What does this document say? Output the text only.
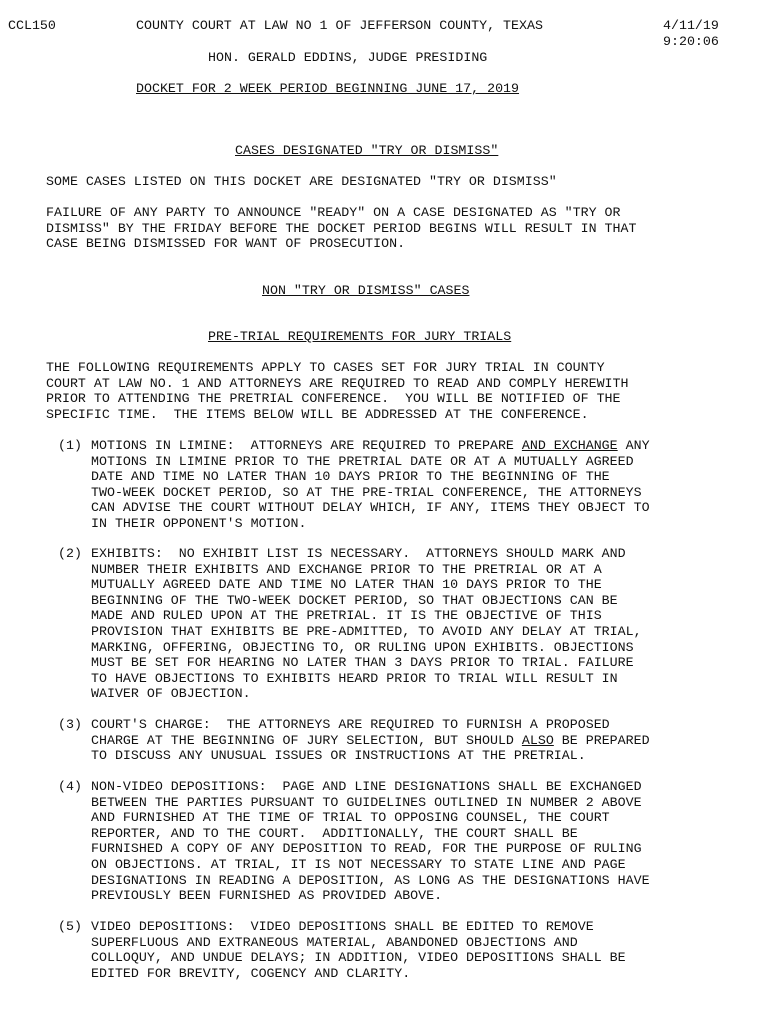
CCL150	COUNTY COURT AT LAW NO 1 OF JEFFERSON COUNTY, TEXAS	4/11/19
9:20:06
HON. GERALD EDDINS, JUDGE PRESIDING
DOCKET FOR 2 WEEK PERIOD BEGINNING JUNE 17, 2019
CASES DESIGNATED "TRY OR DISMISS"
SOME CASES LISTED ON THIS DOCKET ARE DESIGNATED "TRY OR DISMISS"
FAILURE OF ANY PARTY TO ANNOUNCE "READY" ON A CASE DESIGNATED AS "TRY OR
DISMISS" BY THE FRIDAY BEFORE THE DOCKET PERIOD BEGINS WILL RESULT IN THAT
CASE BEING DISMISSED FOR WANT OF PROSECUTION.
NON "TRY OR DISMISS" CASES
PRE-TRIAL REQUIREMENTS FOR JURY TRIALS
THE FOLLOWING REQUIREMENTS APPLY TO CASES SET FOR JURY TRIAL IN COUNTY
COURT AT LAW NO. 1 AND ATTORNEYS ARE REQUIRED TO READ AND COMPLY HEREWITH
PRIOR TO ATTENDING THE PRETRIAL CONFERENCE.  YOU WILL BE NOTIFIED OF THE
SPECIFIC TIME.  THE ITEMS BELOW WILL BE ADDRESSED AT THE CONFERENCE.
(1) MOTIONS IN LIMINE:  ATTORNEYS ARE REQUIRED TO PREPARE AND EXCHANGE ANY
MOTIONS IN LIMINE PRIOR TO THE PRETRIAL DATE OR AT A MUTUALLY AGREED
DATE AND TIME NO LATER THAN 10 DAYS PRIOR TO THE BEGINNING OF THE
TWO-WEEK DOCKET PERIOD, SO AT THE PRE-TRIAL CONFERENCE, THE ATTORNEYS
CAN ADVISE THE COURT WITHOUT DELAY WHICH, IF ANY, ITEMS THEY OBJECT TO
IN THEIR OPPONENT'S MOTION.
(2) EXHIBITS:  NO EXHIBIT LIST IS NECESSARY.  ATTORNEYS SHOULD MARK AND
NUMBER THEIR EXHIBITS AND EXCHANGE PRIOR TO THE PRETRIAL OR AT A
MUTUALLY AGREED DATE AND TIME NO LATER THAN 10 DAYS PRIOR TO THE
BEGINNING OF THE TWO-WEEK DOCKET PERIOD, SO THAT OBJECTIONS CAN BE
MADE AND RULED UPON AT THE PRETRIAL. IT IS THE OBJECTIVE OF THIS
PROVISION THAT EXHIBITS BE PRE-ADMITTED, TO AVOID ANY DELAY AT TRIAL,
MARKING, OFFERING, OBJECTING TO, OR RULING UPON EXHIBITS. OBJECTIONS
MUST BE SET FOR HEARING NO LATER THAN 3 DAYS PRIOR TO TRIAL. FAILURE
TO HAVE OBJECTIONS TO EXHIBITS HEARD PRIOR TO TRIAL WILL RESULT IN
WAIVER OF OBJECTION.
(3) COURT'S CHARGE:  THE ATTORNEYS ARE REQUIRED TO FURNISH A PROPOSED
CHARGE AT THE BEGINNING OF JURY SELECTION, BUT SHOULD ALSO BE PREPARED
TO DISCUSS ANY UNUSUAL ISSUES OR INSTRUCTIONS AT THE PRETRIAL.
(4) NON-VIDEO DEPOSITIONS:  PAGE AND LINE DESIGNATIONS SHALL BE EXCHANGED
BETWEEN THE PARTIES PURSUANT TO GUIDELINES OUTLINED IN NUMBER 2 ABOVE
AND FURNISHED AT THE TIME OF TRIAL TO OPPOSING COUNSEL, THE COURT
REPORTER, AND TO THE COURT.  ADDITIONALLY, THE COURT SHALL BE
FURNISHED A COPY OF ANY DEPOSITION TO READ, FOR THE PURPOSE OF RULING
ON OBJECTIONS. AT TRIAL, IT IS NOT NECESSARY TO STATE LINE AND PAGE
DESIGNATIONS IN READING A DEPOSITION, AS LONG AS THE DESIGNATIONS HAVE
PREVIOUSLY BEEN FURNISHED AS PROVIDED ABOVE.
(5) VIDEO DEPOSITIONS:  VIDEO DEPOSITIONS SHALL BE EDITED TO REMOVE
SUPERFLUOUS AND EXTRANEOUS MATERIAL, ABANDONED OBJECTIONS AND
COLLOQUY, AND UNDUE DELAYS; IN ADDITION, VIDEO DEPOSITIONS SHALL BE
EDITED FOR BREVITY, COGENCY AND CLARITY.
